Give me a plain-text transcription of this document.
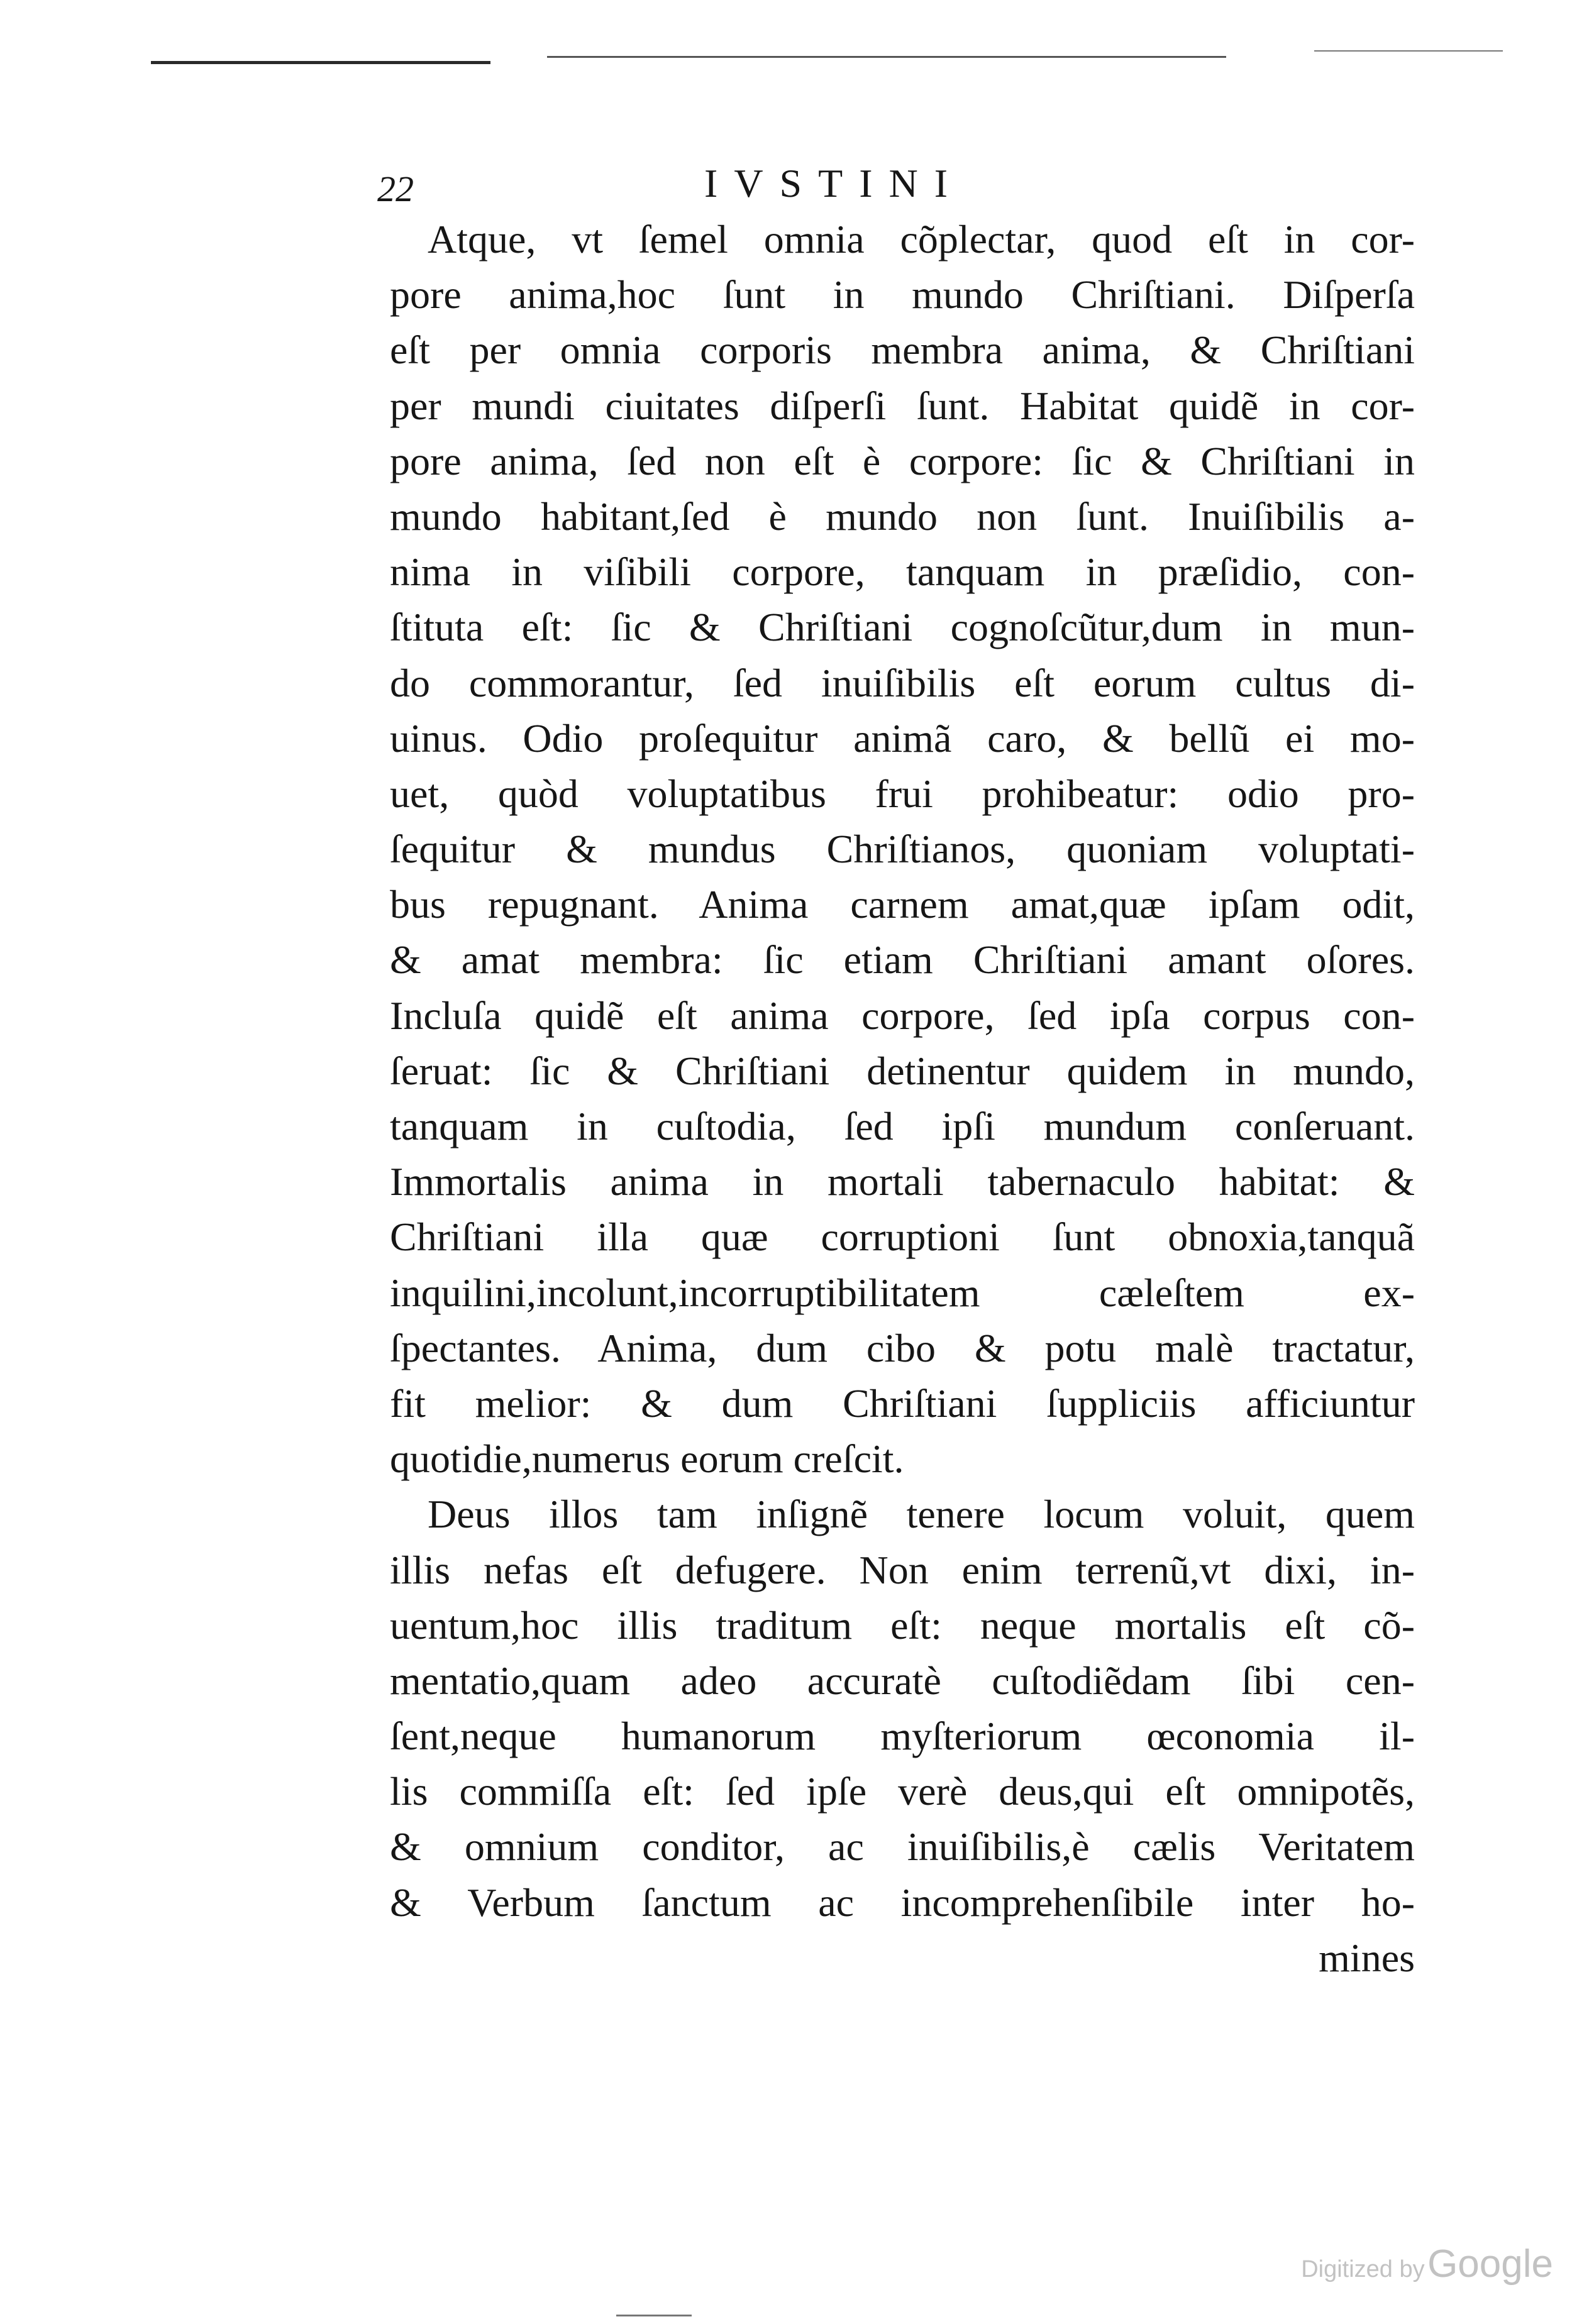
22	IVSTINI
Atque, vt ſemel omnia cõplectar, quod eſt in cor-
pore anima,hoc ſunt in mundo Chriſtiani. Diſperſa
eſt per omnia corporis membra anima, & Chriſtiani
per mundi ciuitates diſperſi ſunt. Habitat quidẽ in cor-
pore anima, ſed non eſt è corpore: ſic & Chriſtiani in
mundo habitant,ſed è mundo non ſunt. Inuiſibilis a-
nima in viſibili corpore, tanquam in præſidio, con-
ſtituta eſt: ſic & Chriſtiani cognoſcũtur,dum in mun-
do commorantur, ſed inuiſibilis eſt eorum cultus di-
uinus. Odio proſequitur animã caro, & bellũ ei mo-
uet, quòd voluptatibus frui prohibeatur: odio pro-
ſequitur & mundus Chriſtianos, quoniam voluptati-
bus repugnant. Anima carnem amat,quæ ipſam odit,
& amat membra: ſic etiam Chriſtiani amant oſores.
Incluſa quidẽ eſt anima corpore, ſed ipſa corpus con-
ſeruat: ſic & Chriſtiani detinentur quidem in mundo,
tanquam in cuſtodia, ſed ipſi mundum conſeruant.
Immortalis anima in mortali tabernaculo habitat: &
Chriſtiani illa quæ corruptioni ſunt obnoxia,tanquã
inquilini,incolunt,incorruptibilitatem cæleſtem ex-
ſpectantes. Anima, dum cibo & potu malè tractatur,
fit melior: & dum Chriſtiani ſuppliciis afficiuntur
quotidie,numerus eorum creſcit.
Deus illos tam inſignẽ tenere locum voluit, quem
illis nefas eſt defugere. Non enim terrenũ,vt dixi, in-
uentum,hoc illis traditum eſt: neque mortalis eſt cõ-
mentatio,quam adeo accuratè cuſtodiẽdam ſibi cen-
ſent,neque humanorum myſteriorum œconomia il-
lis commiſſa eſt: ſed ipſe verè deus,qui eſt omnipotẽs,
& omnium conditor, ac inuiſibilis,è cælis Veritatem
& Verbum ſanctum ac incomprehenſibile inter ho-
mines
Digitized by Google
